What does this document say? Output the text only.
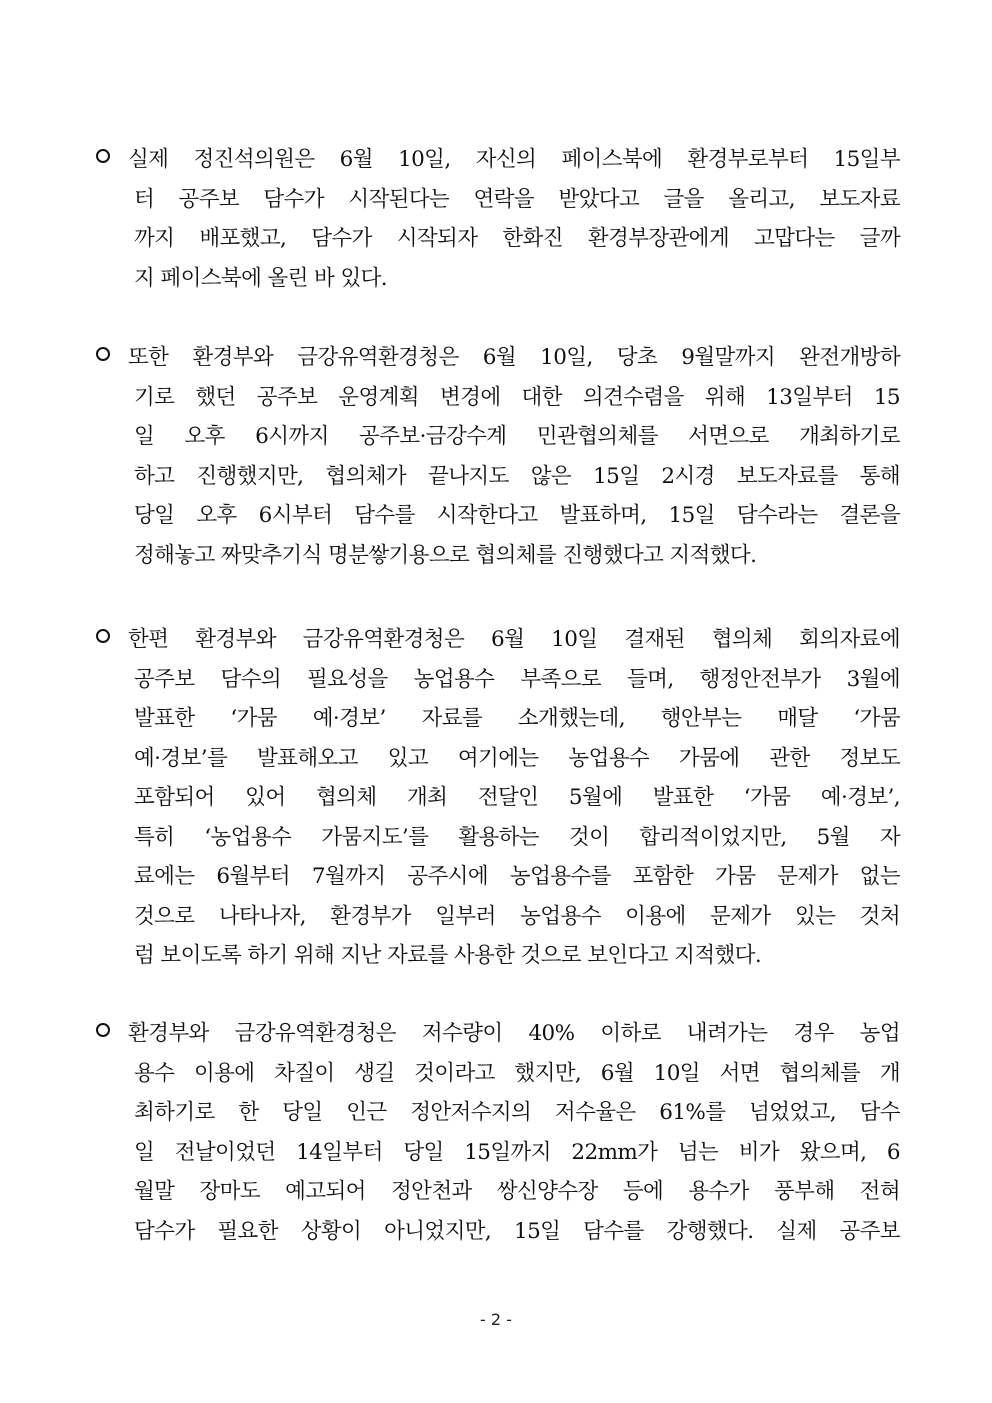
실제 정진석의원은 6월 10일, 자신의 페이스북에 환경부로부터 15일부
터 공주보 담수가 시작된다는 연락을 받았다고 글을 올리고, 보도자료
까지 배포했고, 담수가 시작되자 한화진 환경부장관에게 고맙다는 글까
지 페이스북에 올린 바 있다.
또한 환경부와 금강유역환경청은 6월 10일, 당초 9월말까지 완전개방하
기로 했던 공주보 운영계획 변경에 대한 의견수렴을 위해 13일부터 15
일 오후 6시까지 공주보·금강수계 민관협의체를 서면으로 개최하기로
하고 진행했지만, 협의체가 끝나지도 않은 15일 2시경 보도자료를 통해
당일 오후 6시부터 담수를 시작한다고 발표하며, 15일 담수라는 결론을
정해놓고 짜맞추기식 명분쌓기용으로 협의체를 진행했다고 지적했다.
한편 환경부와 금강유역환경청은 6월 10일 결재된 협의체 회의자료에
공주보 담수의 필요성을 농업용수 부족으로 들며, 행정안전부가 3월에
발표한 ‘가뭄 예·경보’ 자료를 소개했는데, 행안부는 매달 ‘가뭄
예·경보’를 발표해오고 있고 여기에는 농업용수 가뭄에 관한 정보도
포함되어 있어 협의체 개최 전달인 5월에 발표한 ‘가뭄 예·경보’,
특히 ‘농업용수 가뭄지도’를 활용하는 것이 합리적이었지만, 5월 자
료에는 6월부터 7월까지 공주시에 농업용수를 포함한 가뭄 문제가 없는
것으로 나타나자, 환경부가 일부러 농업용수 이용에 문제가 있는 것처
럼 보이도록 하기 위해 지난 자료를 사용한 것으로 보인다고 지적했다.
환경부와 금강유역환경청은 저수량이 40% 이하로 내려가는 경우 농업
용수 이용에 차질이 생길 것이라고 했지만, 6월 10일 서면 협의체를 개
최하기로 한 당일 인근 정안저수지의 저수율은 61%를 넘었었고, 담수
일 전날이었던 14일부터 당일 15일까지 22mm가 넘는 비가 왔으며, 6
월말 장마도 예고되어 정안천과 쌍신양수장 등에 용수가 풍부해 전혀
담수가 필요한 상황이 아니었지만, 15일 담수를 강행했다. 실제 공주보
- 2 -
